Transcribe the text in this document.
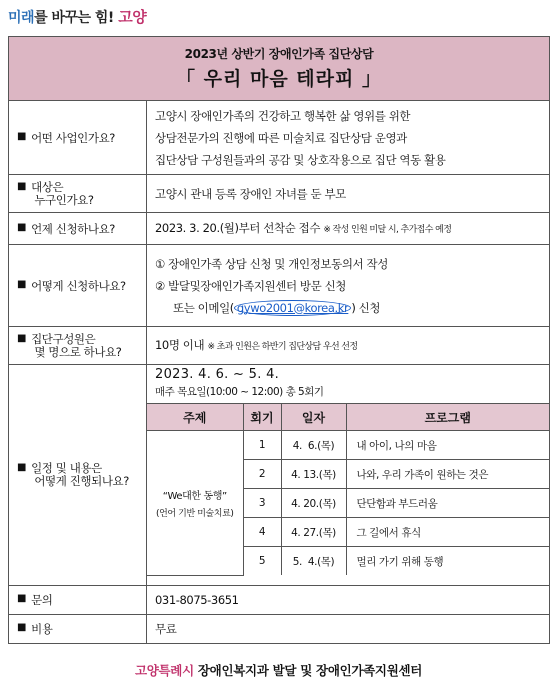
미래를 바꾸는 힘! 고양
2023년 상반기 장애인가족 집단상담
「 우리 마음 테라피 」

■ 어떤 사업인가요?	
고양시 장애인가족의 건강하고 행복한 삶 영위를 위한
상담전문가의 진행에 따른 미술치료 집단상담 운영과
집단상담 구성원들과의 공감 및 상호작용으로 집단 역동 활용

■ 대상은
누구인가요?	고양시 관내 등록 장애인 자녀를 둔 부모
■ 언제 신청하나요?	2023. 3. 20.(월)부터 선착순 접수 ※ 작성 인원 미달 시, 추가접수 예정
■ 어떻게 신청하나요?	
① 장애인가족 상담 신청 및 개인정보동의서 작성
② 발달및장애인가족지원센터 방문 신청
또는 이메일( gywo2001@korea.kr ) 신청

■ 집단구성원은
몇 명으로 하나요?	10명 이내 ※ 초과 인원은 하반기 집단상담 우선 선정
■ 일정 및 내용은
어떻게 진행되나요?	
2023. 4. 6. ~ 5. 4.
매주 목요일(10:00 ~ 12:00) 총 5회기
주제	회기	일자	프로그램

“We대한 동행”
(언어 기반 미술치료)
	1	4.  6.(목)	내 아이, 나의 마음
2	4. 13.(목)	나와, 우리 가족이 원하는 것은
3	4. 20.(목)	단단함과 부드러움
4	4. 27.(목)	그 길에서 휴식
5	5.  4.(목)	멀리 가기 위해 동행

■ 문의	031-8075-3651
■ 비용	무료
고양특례시 장애인복지과 발달 및 장애인가족지원센터
